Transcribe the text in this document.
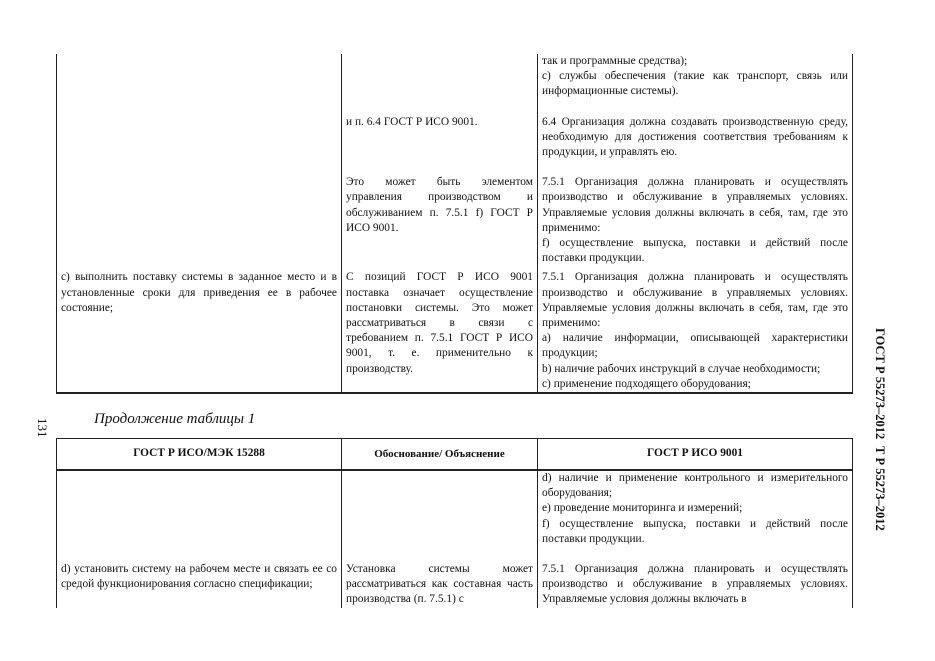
		так и программные средства);

c) службы обеспечения (такие как транспорт, связь или информационные системы).

	и п. 6.4 ГОСТ Р ИСО 9001.	6.4 Организация должна создавать производственную среду, необходимую для достижения соответствия требованиям к продукции, и управлять ею.

	Это может быть элементом управления производством и обслуживанием п. 7.5.1 f) ГОСТ Р ИСО 9001.	7.5.1 Организация должна планировать и осуществлять производство и обслуживание в управляемых условиях. Управляемые условия должны включать в себя, там, где это применимо:

f) осуществление выпуска, поставки и действий после поставки продукции.

c) выполнить поставку системы в заданное место и в установленные сроки для приведения ее в рабочее состояние;	С позиций ГОСТ Р ИСО 9001 поставка означает осуществление постановки системы. Это может рассматриваться в связи с требованием п. 7.5.1 ГОСТ Р ИСО 9001, т. е. применительно к производству.	7.5.1 Организация должна планировать и осуществлять производство и обслуживание в управляемых условиях. Управляемые условия должны включать в себя, там, где это применимо:

a) наличие информации, описывающей характеристики продукции;

b) наличие рабочих инструкций в случае необходимости;

c) применение подходящего оборудования;

131	Продолжение таблицы 1	ГОСТ Р 55273–2012
Т Р 55273–2012
ГОСТ Р ИСО/МЭК 15288	Обоснование/ Объяснение	ГОСТ Р ИСО 9001

		d) наличие и применение контрольного и измерительного оборудования;

e) проведение мониторинга и измерений;

f) осуществление выпуска, поставки и действий после поставки продукции.

d) установить систему на рабочем месте и связать ее со средой функционирования согласно спецификации;	Установка системы может рассматриваться как составная часть производства (п. 7.5.1) с	7.5.1 Организация должна планировать и осуществлять производство и обслуживание в управляемых условиях. Управляемые условия должны включать в
